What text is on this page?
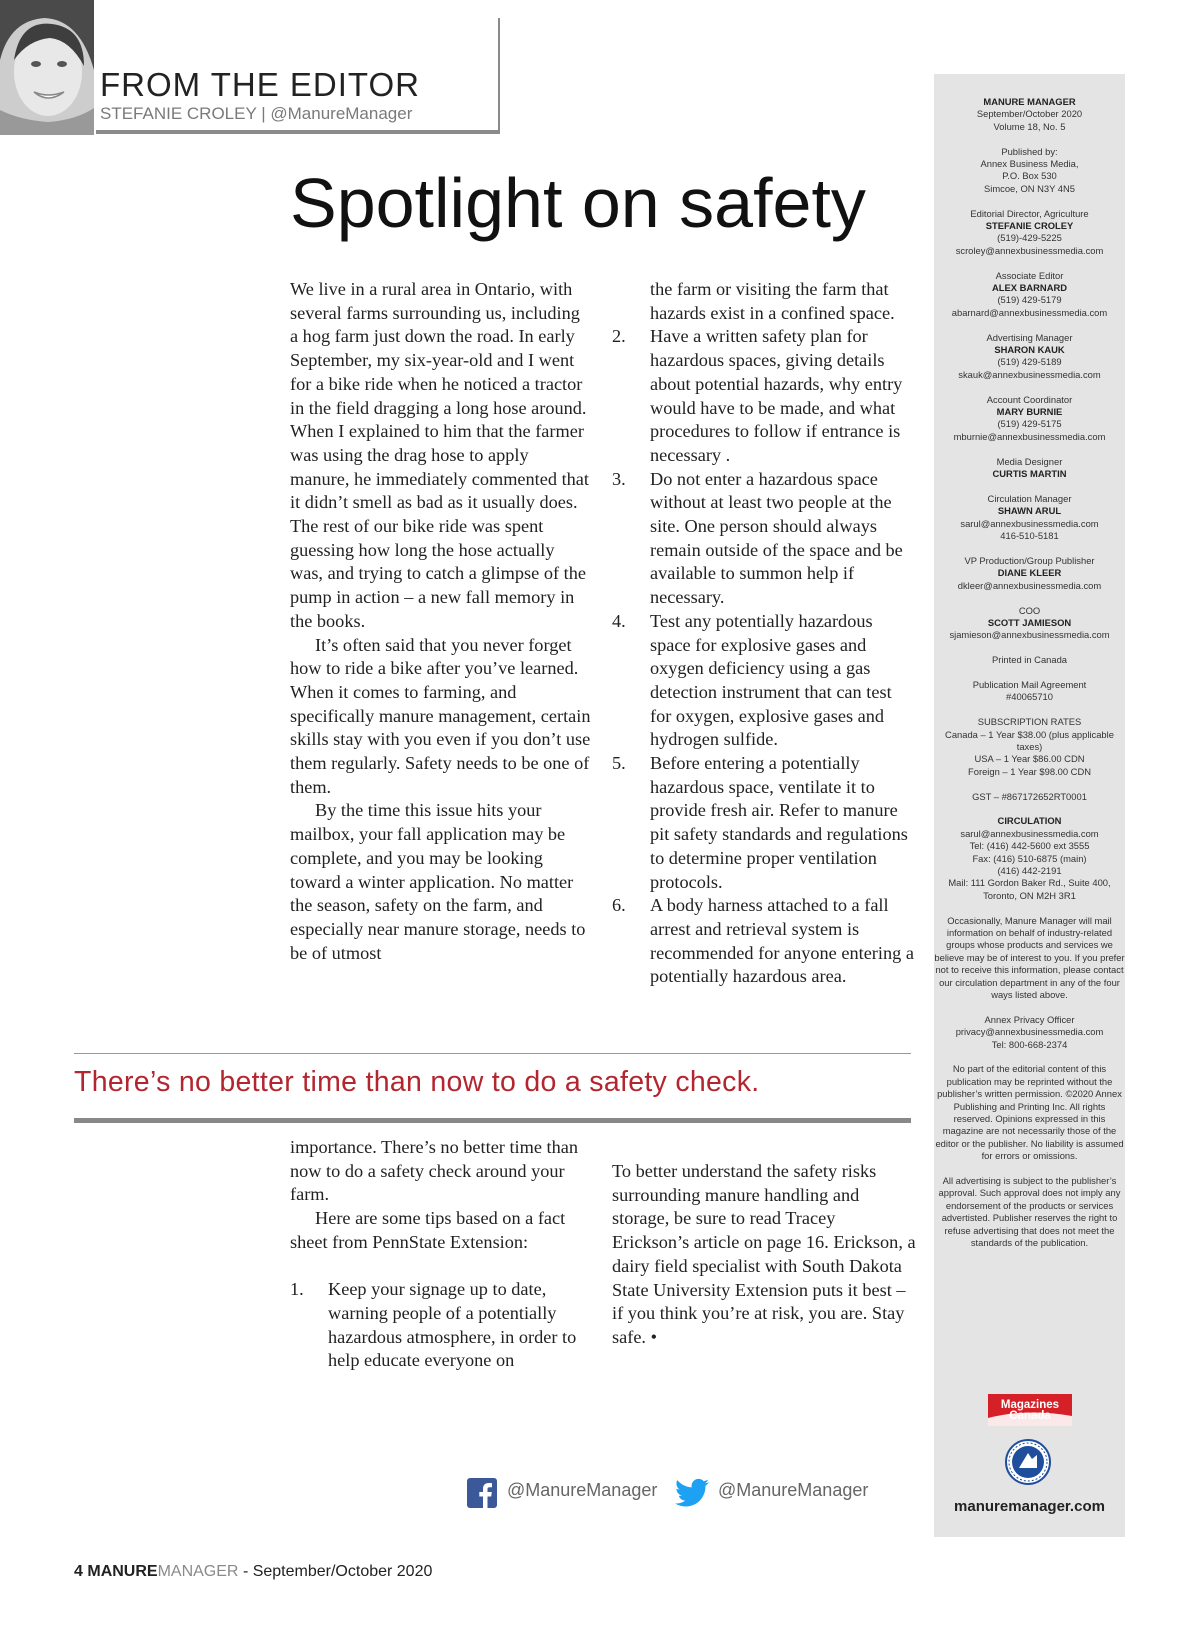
FROM THE EDITOR
STEFANIE CROLEY | @ManureManager
Spotlight on safety

We live in a rural area in Ontario, with several farms surrounding us, including a hog farm just down the road. In early September, my six-year-old and I went for a bike ride when he noticed a tractor in the field dragging a long hose around. When I explained to him that the farmer was using the drag hose to apply manure, he immediately commented that it didn’t smell as bad as it usually does. The rest of our bike ride was spent guessing how long the hose actually was, and trying to catch a glimpse of the pump in action – a new fall memory in the books.

It’s often said that you never forget how to ride a bike after you’ve learned. When it comes to farming, and specifically manure management, certain skills stay with you even if you don’t use them regularly. Safety needs to be one of them.

By the time this issue hits your mailbox, your fall application may be complete, and you may be looking toward a winter application. No matter the season, safety on the farm, and especially near manure storage, needs to be of utmost

the farm or visiting the farm that hazards exist in a confined space.
2. Have a written safety plan for hazardous spaces, giving details about potential hazards, why entry would have to be made, and what procedures to follow if entrance is necessary .
3. Do not enter a hazardous space without at least two people at the site. One person should always remain outside of the space and be available to summon help if necessary.
4. Test any potentially hazardous space for explosive gases and oxygen deficiency using a gas detection instrument that can test for oxygen, explosive gases and hydrogen sulfide.
5. Before entering a potentially hazardous space, ventilate it to provide fresh air. Refer to manure pit safety standards and regulations to determine proper ventilation protocols.
6. A body harness attached to a fall arrest and retrieval system is recommended for anyone entering a potentially hazardous area.
There’s no better time than now to do a safety check.

importance. There’s no better time than now to do a safety check around your farm.

Here are some tips based on a fact sheet from PennState Extension:

1. Keep your signage up to date, warning people of a potentially hazardous atmosphere, in order to help educate everyone on

To better understand the safety risks surrounding manure handling and storage, be sure to read Tracey Erickson’s article on page 16. Erickson, a dairy field specialist with South Dakota State University Extension puts it best – if you think you’re at risk, you are. Stay safe. •

MANURE MANAGER
September/October 2020
Volume 18, No. 5
Published by:
Annex Business Media,
P.O. Box 530
Simcoe, ON N3Y 4N5
Editorial Director, Agriculture
STEFANIE CROLEY
(519)-429-5225
scroley@annexbusinessmedia.com
Associate Editor
ALEX BARNARD
(519) 429-5179
abarnard@annexbusinessmedia.com
Advertising Manager
SHARON KAUK
(519) 429-5189
skauk@annexbusinessmedia.com
Account Coordinator
MARY BURNIE
(519) 429-5175
mburnie@annexbusinessmedia.com
Media Designer
CURTIS MARTIN
Circulation Manager
SHAWN ARUL
sarul@annexbusinessmedia.com
416-510-5181
VP Production/Group Publisher
DIANE KLEER
dkleer@annexbusinessmedia.com
COO
SCOTT JAMIESON
sjamieson@annexbusinessmedia.com
Printed in Canada
Publication Mail Agreement
#40065710
SUBSCRIPTION RATES
Canada – 1 Year $38.00 (plus applicable taxes)
USA – 1 Year $86.00 CDN
Foreign – 1 Year $98.00 CDN
GST – #867172652RT0001
CIRCULATION
sarul@annexbusinessmedia.com
Tel: (416) 442-5600 ext 3555
Fax: (416) 510-6875 (main)
(416) 442-2191
Mail: 111 Gordon Baker Rd., Suite 400, Toronto, ON M2H 3R1
Occasionally, Manure Manager will mail information on behalf of industry-related groups whose products and services we believe may be of interest to you. If you prefer not to receive this information, please contact our circulation department in any of the four ways listed above.
Annex Privacy Officer
privacy@annexbusinessmedia.com
Tel: 800-668-2374
No part of the editorial content of this publication may be reprinted without the publisher’s written permission. ©2020 Annex Publishing and Printing Inc. All rights reserved. Opinions expressed in this magazine are not necessarily those of the editor or the publisher. No liability is assumed for errors or omissions.
All advertising is subject to the publisher’s approval. Such approval does not imply any endorsement of the products or services advertisted. Publisher reserves the right to refuse advertising that does not meet the standards of the publication.
Magazines
Canada
manuremanager.com
@ManureManager	@ManureManager
4 MANUREMANAGER - September/October 2020
